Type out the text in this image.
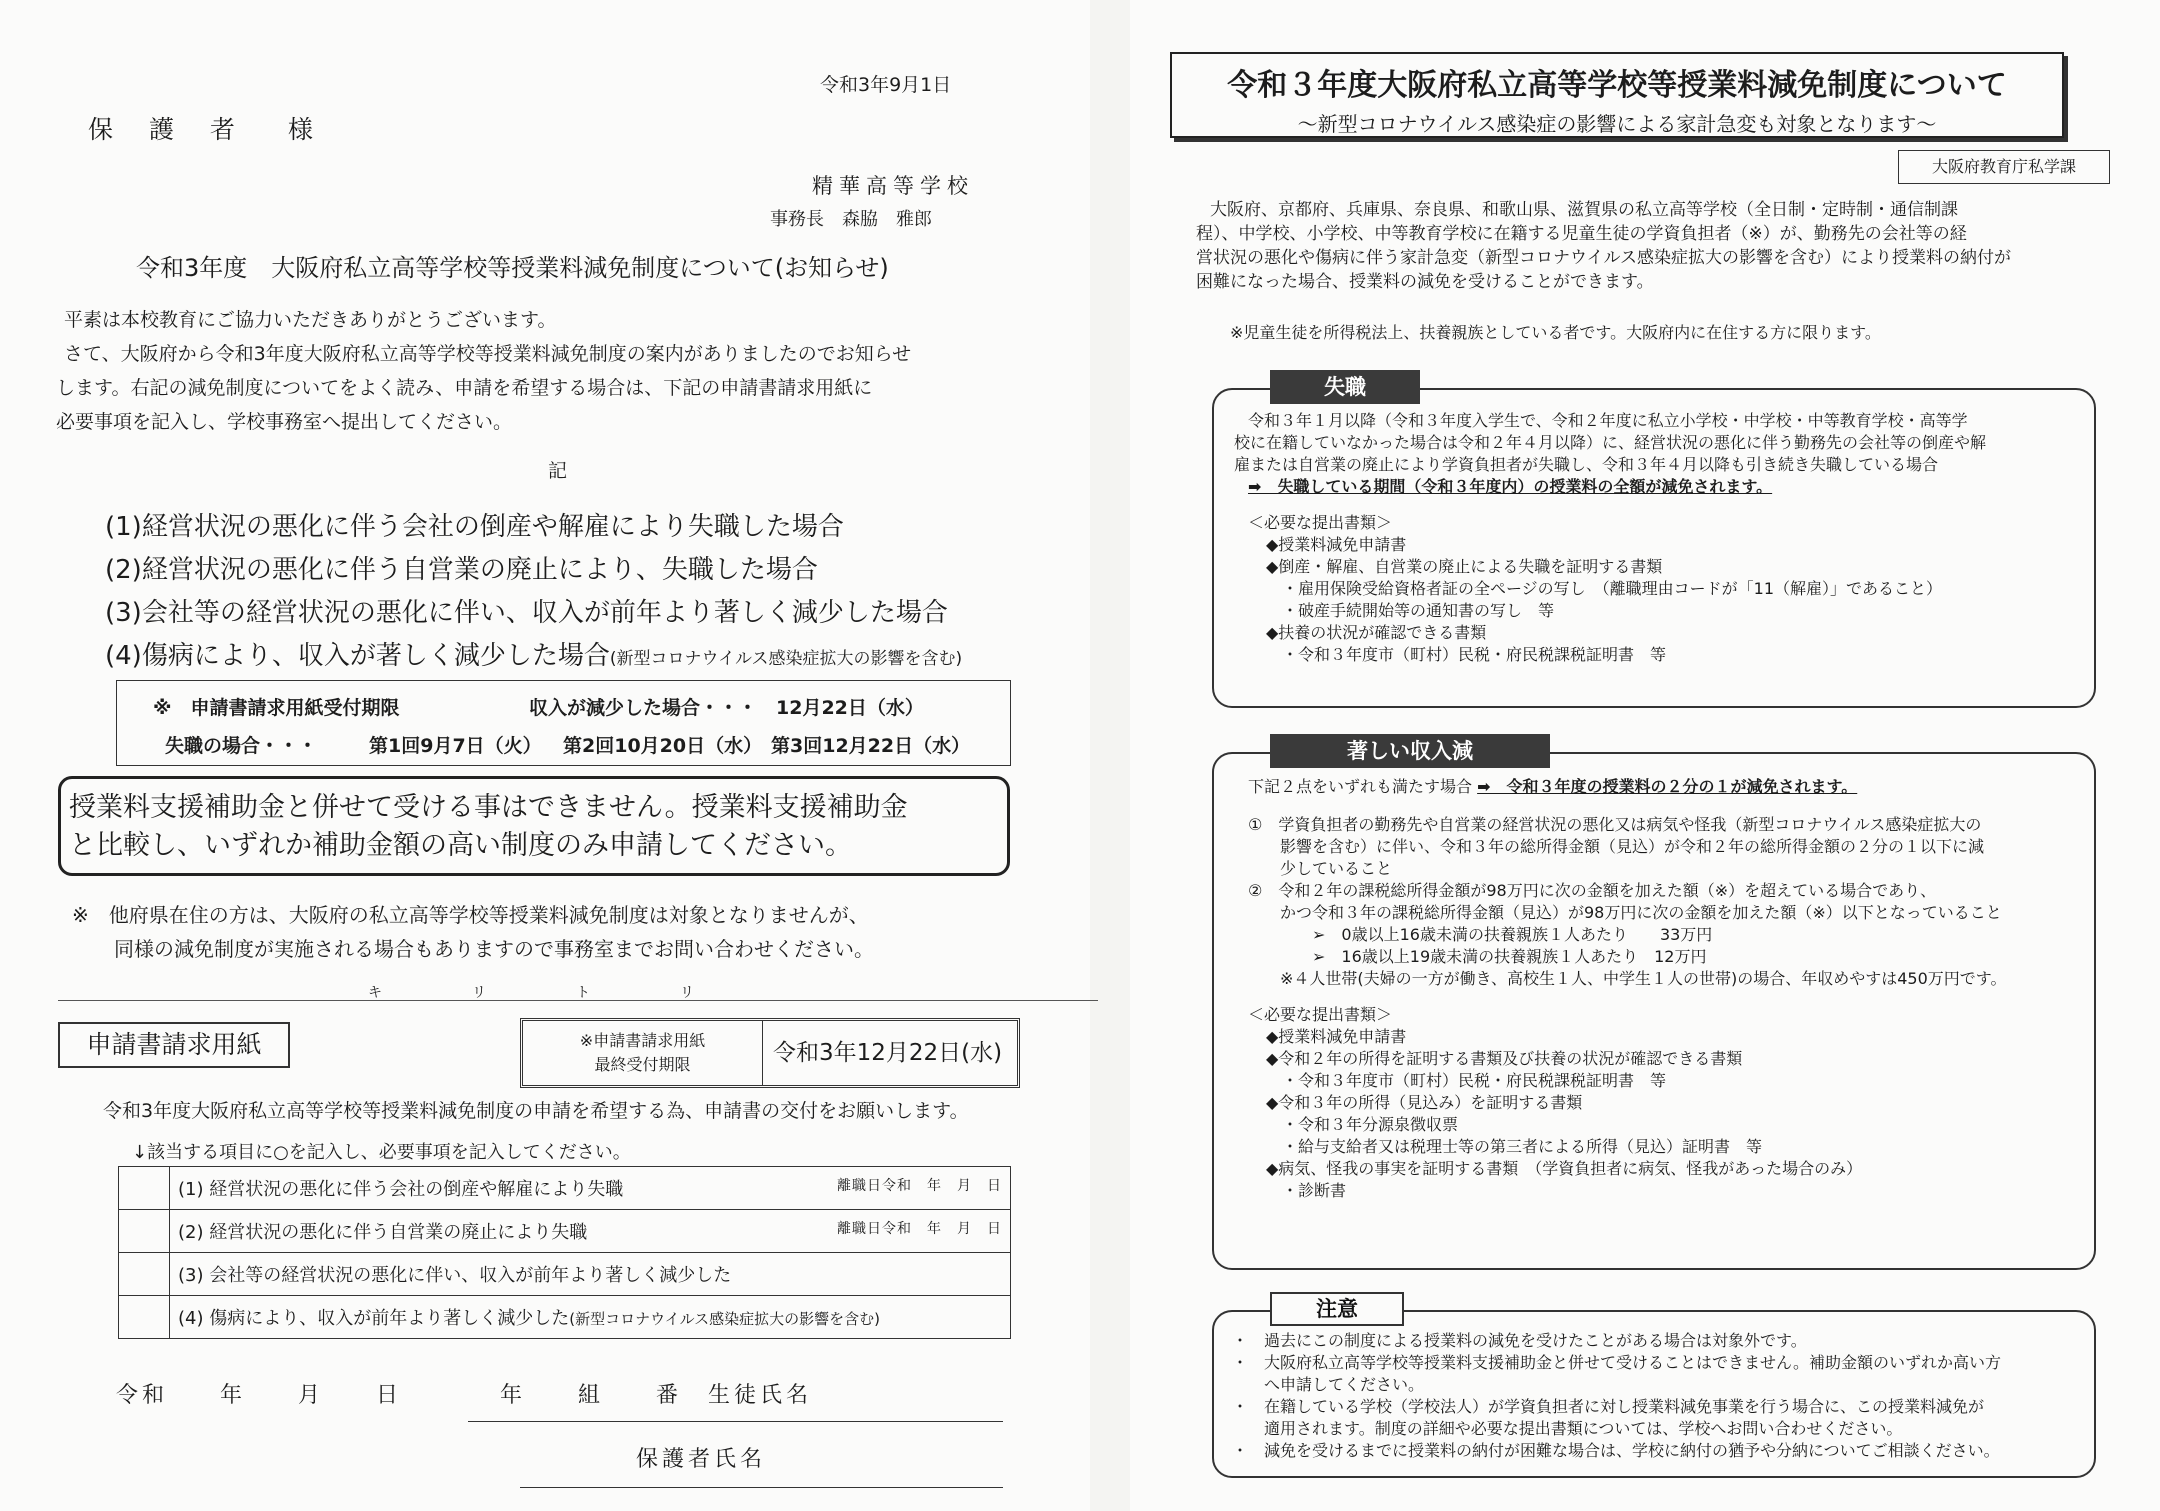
令和3年9月1日
保 護 者　様
精華高等学校
事務長　森脇　雅郎
令和3年度　大阪府私立高等学校等授業料減免制度について(お知らせ)
平素は本校教育にご協力いただきありがとうございます。
さて、大阪府から令和3年度大阪府私立高等学校等授業料減免制度の案内がありましたのでお知らせ
します。右記の減免制度についてをよく読み、申請を希望する場合は、下記の申請書請求用紙に
必要事項を記入し、学校事務室へ提出してください。
記
(1)経営状況の悪化に伴う会社の倒産や解雇により失職した場合
(2)経営状況の悪化に伴う自営業の廃止により、失職した場合
(3)会社等の経営状況の悪化に伴い、収入が前年より著しく減少した場合
(4)傷病により、収入が著しく減少した場合(新型コロナウイルス感染症拡大の影響を含む)
※　申請書請求用紙受付期限	収入が減少した場合・・・　12月22日（水）
失職の場合・・・	第1回9月7日（火） 第2回10月20日（水） 第3回12月22日（水）
授業料支援補助金と併せて受ける事はできません。授業料支援補助金
と比較し、いずれか補助金額の高い制度のみ申請してください。
※　他府県在住の方は、大阪府の私立高等学校等授業料減免制度は対象となりませんが、
同様の減免制度が実施される場合もありますので事務室までお問い合わせください。
キリトリ
申請書請求用紙	※申請書請求用紙
最終受付期限	令和3年12月22日(水)
令和3年度大阪府私立高等学校等授業料減免制度の申請を希望する為、申請書の交付をお願いします。
↓該当する項目に○を記入し、必要事項を記入してください。
	(1) 経営状況の悪化に伴う会社の倒産や解雇により失職 離職日令和　年　月　日

	(2) 経営状況の悪化に伴う自営業の廃止により失職 離職日令和　年　月　日

	(3) 会社等の経営状況の悪化に伴い、収入が前年より著しく減少した
	(4) 傷病により、収入が前年より著しく減少した(新型コロナウイルス感染症拡大の影響を含む)
令和　　年　　月　　日	年　　組　　番　生徒氏名
保護者氏名
令和３年度大阪府私立高等学校等授業料減免制度について
～新型コロナウイルス感染症の影響による家計急変も対象となります～
大阪府教育庁私学課
大阪府、京都府、兵庫県、奈良県、和歌山県、滋賀県の私立高等学校（全日制・定時制・通信制課
程）、中学校、小学校、中等教育学校に在籍する児童生徒の学資負担者（※）が、勤務先の会社等の経
営状況の悪化や傷病に伴う家計急変（新型コロナウイルス感染症拡大の影響を含む）により授業料の納付が
困難になった場合、授業料の減免を受けることができます。
※児童生徒を所得税法上、扶養親族としている者です。大阪府内に在住する方に限ります。
失職
令和３年１月以降（令和３年度入学生で、令和２年度に私立小学校・中学校・中等教育学校・高等学
校に在籍していなかった場合は令和２年４月以降）に、経営状況の悪化に伴う勤務先の会社等の倒産や解
雇または自営業の廃止により学資負担者が失職し、令和３年４月以降も引き続き失職している場合
➡　失職している期間（令和３年度内）の授業料の全額が減免されます。
＜必要な提出書類＞
◆授業料減免申請書
◆倒産・解雇、自営業の廃止による失職を証明する書類
　・雇用保険受給資格者証の全ページの写し　（離職理由コードが「11（解雇）」であること）
　・破産手続開始等の通知書の写し　等
◆扶養の状況が確認できる書類
　・令和３年度市（町村）民税・府民税課税証明書　等
著しい収入減
下記２点をいずれも満たす場合 ➡　令和３年度の授業料の２分の１が減免されます。
①　学資負担者の勤務先や自営業の経営状況の悪化又は病気や怪我（新型コロナウイルス感染症拡大の
　　影響を含む）に伴い、令和３年の総所得金額（見込）が令和２年の総所得金額の２分の１以下に減
　　少していること
②　令和２年の課税総所得金額が98万円に次の金額を加えた額（※）を超えている場合であり、
　　かつ令和３年の課税総所得金額（見込）が98万円に次の金額を加えた額（※）以下となっていること
　　　　➢　0歳以上16歳未満の扶養親族１人あたり　　33万円
　　　　➢　16歳以上19歳未満の扶養親族１人あたり　12万円
　　※４人世帯(夫婦の一方が働き、高校生１人、中学生１人の世帯)の場合、年収めやすは450万円です。
＜必要な提出書類＞
◆授業料減免申請書
◆令和２年の所得を証明する書類及び扶養の状況が確認できる書類
　・令和３年度市（町村）民税・府民税課税証明書　等
◆令和３年の所得（見込み）を証明する書類
　・令和３年分源泉徴収票
　・給与支給者又は税理士等の第三者による所得（見込）証明書　等
◆病気、怪我の事実を証明する書類　（学資負担者に病気、怪我があった場合のみ）
　・診断書
注意
・　過去にこの制度による授業料の減免を受けたことがある場合は対象外です。
・　大阪府私立高等学校等授業料支援補助金と併せて受けることはできません。補助金額のいずれか高い方
　　へ申請してください。
・　在籍している学校（学校法人）が学資負担者に対し授業料減免事業を行う場合に、この授業料減免が
　　適用されます。制度の詳細や必要な提出書類については、学校へお問い合わせください。
・　減免を受けるまでに授業料の納付が困難な場合は、学校に納付の猶予や分納についてご相談ください。
